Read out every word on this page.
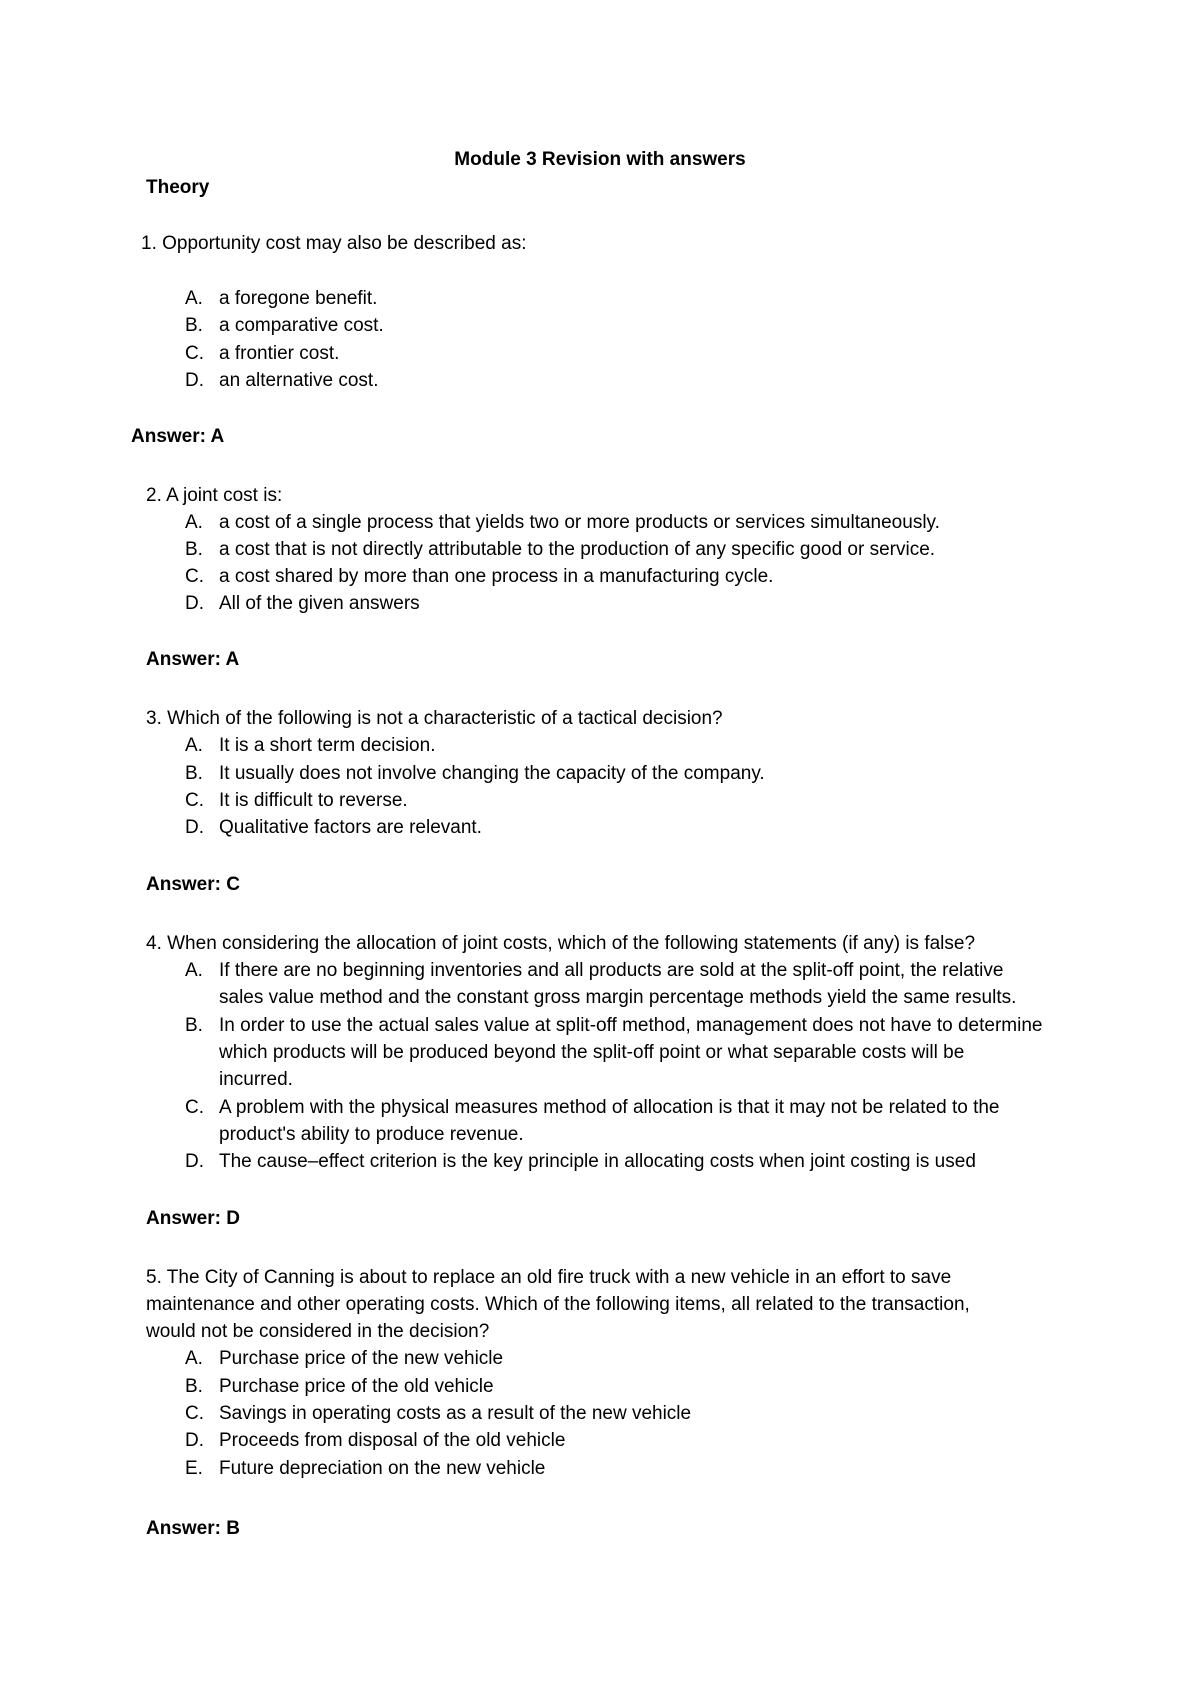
Module 3 Revision with answers
Theory
1. Opportunity cost may also be described as:
A. a foregone benefit.
B. a comparative cost.
C. a frontier cost.
D. an alternative cost.
Answer: A
2. A joint cost is:
A. a cost of a single process that yields two or more products or services simultaneously.
B. a cost that is not directly attributable to the production of any specific good or service.
C. a cost shared by more than one process in a manufacturing cycle.
D. All of the given answers
Answer: A
3. Which of the following is not a characteristic of a tactical decision?
A. It is a short term decision.
B. It usually does not involve changing the capacity of the company.
C. It is difficult to reverse.
D. Qualitative factors are relevant.
Answer: C
4. When considering the allocation of joint costs, which of the following statements (if any) is false?
A. If there are no beginning inventories and all products are sold at the split-off point, the relative
sales value method and the constant gross margin percentage methods yield the same results.
B. In order to use the actual sales value at split-off method, management does not have to determine
which products will be produced beyond the split-off point or what separable costs will be
incurred.
C. A problem with the physical measures method of allocation is that it may not be related to the
product's ability to produce revenue.
D. The cause–effect criterion is the key principle in allocating costs when joint costing is used
Answer: D
5. The City of Canning is about to replace an old fire truck with a new vehicle in an effort to save
maintenance and other operating costs. Which of the following items, all related to the transaction,
would not be considered in the decision?
A. Purchase price of the new vehicle
B. Purchase price of the old vehicle
C. Savings in operating costs as a result of the new vehicle
D. Proceeds from disposal of the old vehicle
E. Future depreciation on the new vehicle
Answer: B
